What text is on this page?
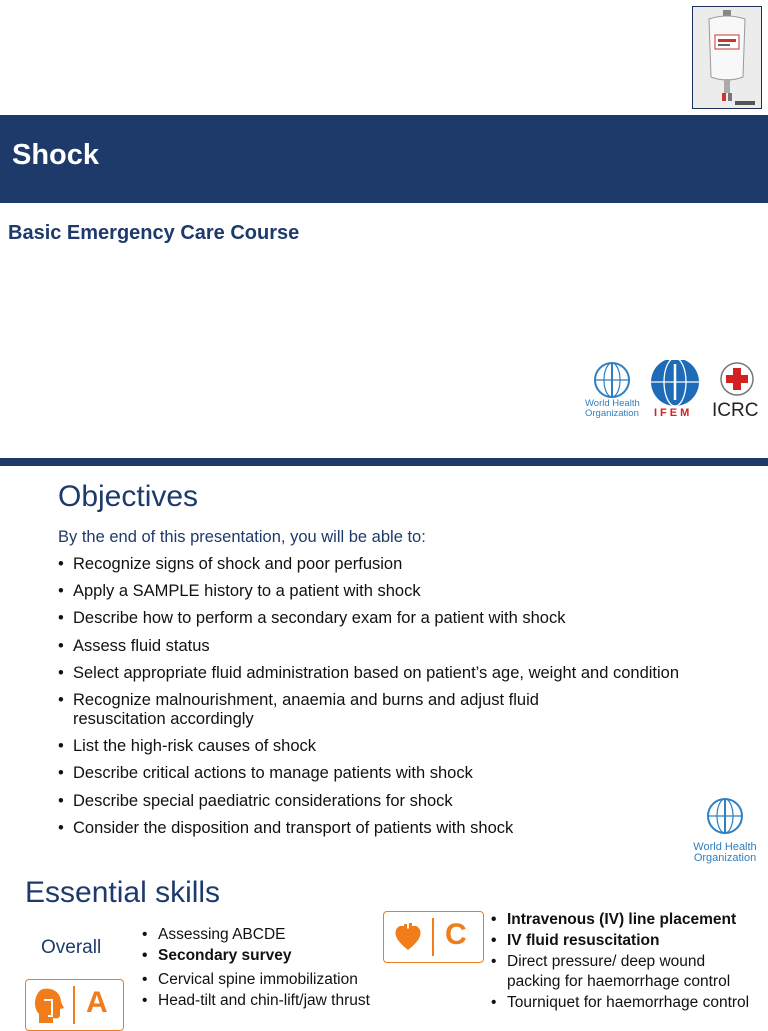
Shock
Basic Emergency Care Course
World Health
Organization IFEM ICRC
Objectives
By the end of this presentation, you will be able to:
• Recognize signs of shock and poor perfusion
• Apply a SAMPLE history to a patient with shock
• Describe how to perform a secondary exam for a patient with shock
• Assess fluid status
• Select appropriate fluid administration based on patient’s age, weight and condition
• Recognize malnourishment, anaemia and burns and adjust fluid resuscitation accordingly
• List the high-risk causes of shock
• Describe critical actions to manage patients with shock
• Describe special paediatric considerations for shock
• Consider the disposition and transport of patients with shock
World Health
Organization
Essential skills
Overall
• Assessing ABCDE
• Secondary survey
• Cervical spine immobilization
• Head-tilt and chin-lift/jaw thrust
• Intravenous (IV) line placement
• IV fluid resuscitation
• Direct pressure/ deep wound packing for haemorrhage control
• Tourniquet for haemorrhage control
C
A
